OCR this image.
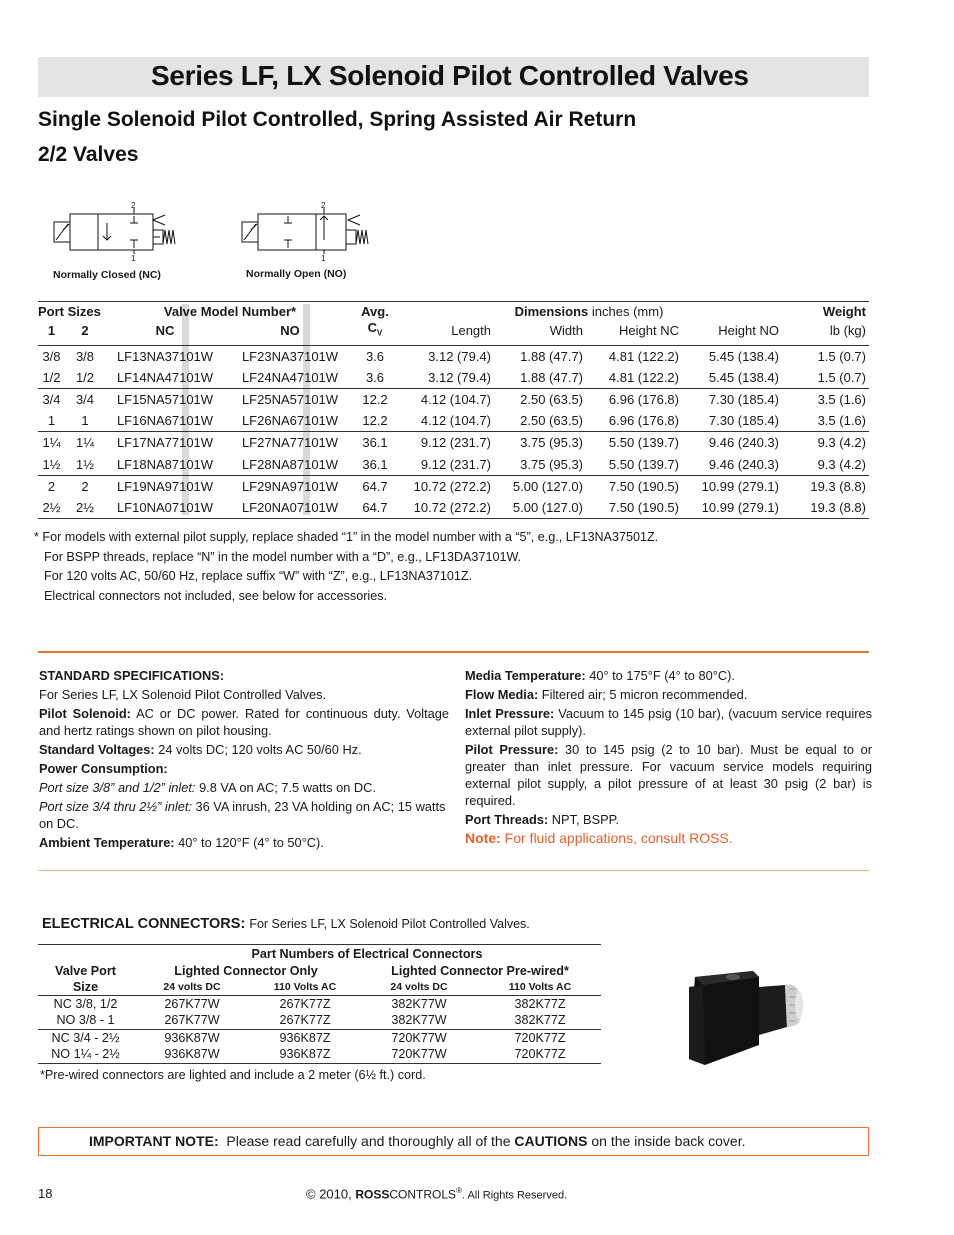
Series LF, LX Solenoid Pilot Controlled Valves
Single Solenoid Pilot Controlled, Spring Assisted Air Return
2/2 Valves
2
1
Normally Closed (NC)
2
1
Normally Open (NO)
Port Sizes		Valve Model Number*		Avg.	Dimensions inches (mm)				Weight
1	2	NC	NO	$C_V$	Length	Width	Height NC	Height NO	lb (kg)
3/8	3/8	LF13NA37101W	LF23NA37101W	3.6	3.12 (79.4)	1.88 (47.7)	4.81 (122.2)	5.45 (138.4)	1.5 (0.7)
1/2	1/2	LF14NA47101W	LF24NA47101W	3.6	3.12 (79.4)	1.88 (47.7)	4.81 (122.2)	5.45 (138.4)	1.5 (0.7)
3/4	3/4	LF15NA57101W	LF25NA57101W	12.2	4.12 (104.7)	2.50 (63.5)	6.96 (176.8)	7.30 (185.4)	3.5 (1.6)
1	1	LF16NA67101W	LF26NA67101W	12.2	4.12 (104.7)	2.50 (63.5)	6.96 (176.8)	7.30 (185.4)	3.5 (1.6)
1¼	1¼	LF17NA77101W	LF27NA77101W	36.1	9.12 (231.7)	3.75 (95.3)	5.50 (139.7)	9.46 (240.3)	9.3 (4.2)
1½	1½	LF18NA87101W	LF28NA87101W	36.1	9.12 (231.7)	3.75 (95.3)	5.50 (139.7)	9.46 (240.3)	9.3 (4.2)
2	2	LF19NA97101W	LF29NA97101W	64.7	10.72 (272.2)	5.00 (127.0)	7.50 (190.5)	10.99 (279.1)	19.3 (8.8)
2½	2½	LF10NA07101W	LF20NA07101W	64.7	10.72 (272.2)	5.00 (127.0)	7.50 (190.5)	10.99 (279.1)	19.3 (8.8)
* For models with external pilot supply, replace shaded “1” in the model number with a “5”, e.g., LF13NA37501Z.
For BSPP threads, replace “N” in the model number with a “D”, e.g., LF13DA37101W.
For 120 volts AC, 50/60 Hz, replace suffix “W” with “Z”, e.g., LF13NA37101Z.
Electrical connectors not included, see below for accessories.

STANDARD SPECIFICATIONS:

For Series LF, LX Solenoid Pilot Controlled Valves.

Pilot Solenoid: AC or DC power. Rated for continuous duty. Voltage and hertz ratings shown on pilot housing.

Standard Voltages: 24 volts DC; 120 volts AC 50/60 Hz.

Power Consumption:

Port size 3/8” and 1/2” inlet: 9.8 VA on AC; 7.5 watts on DC.

Port size 3/4 thru 2½” inlet: 36 VA inrush, 23 VA holding on AC; 15 watts on DC.

Ambient Temperature: 40° to 120°F (4° to 50°C).

Media Temperature: 40° to 175°F (4° to 80°C).

Flow Media: Filtered air; 5 micron recommended.

Inlet Pressure: Vacuum to 145 psig (10 bar), (vacuum service requires external pilot supply).

Pilot Pressure: 30 to 145 psig (2 to 10 bar). Must be equal to or greater than inlet pressure. For vacuum service models requiring external pilot supply, a pilot pressure of at least 30 psig (2 bar) is required.

Port Threads: NPT, BSPP.

Note: For fluid applications, consult ROSS.

ELECTRICAL CONNECTORS: For Series LF, LX Solenoid Pilot Controlled Valves.
	Part Numbers of Electrical Connectors			
Valve Port	Lighted Connector Only		Lighted Connector Pre-wired*	
Size	24 volts DC	110 Volts AC	24 volts DC	110 Volts AC
NC 3/8, 1/2	267K77W	267K77Z	382K77W	382K77Z
NO 3/8 - 1	267K77W	267K77Z	382K77W	382K77Z
NC 3/4 - 2½	936K87W	936K87Z	720K77W	720K77Z
NO 1¼ - 2½	936K87W	936K87Z	720K77W	720K77Z
*Pre-wired connectors are lighted and include a 2 meter (6½ ft.) cord.
IMPORTANT NOTE: Please read carefully and thoroughly all of the CAUTIONS on the inside back cover.
18	© 2010, ROSSCONTROLS®. All Rights Reserved.
